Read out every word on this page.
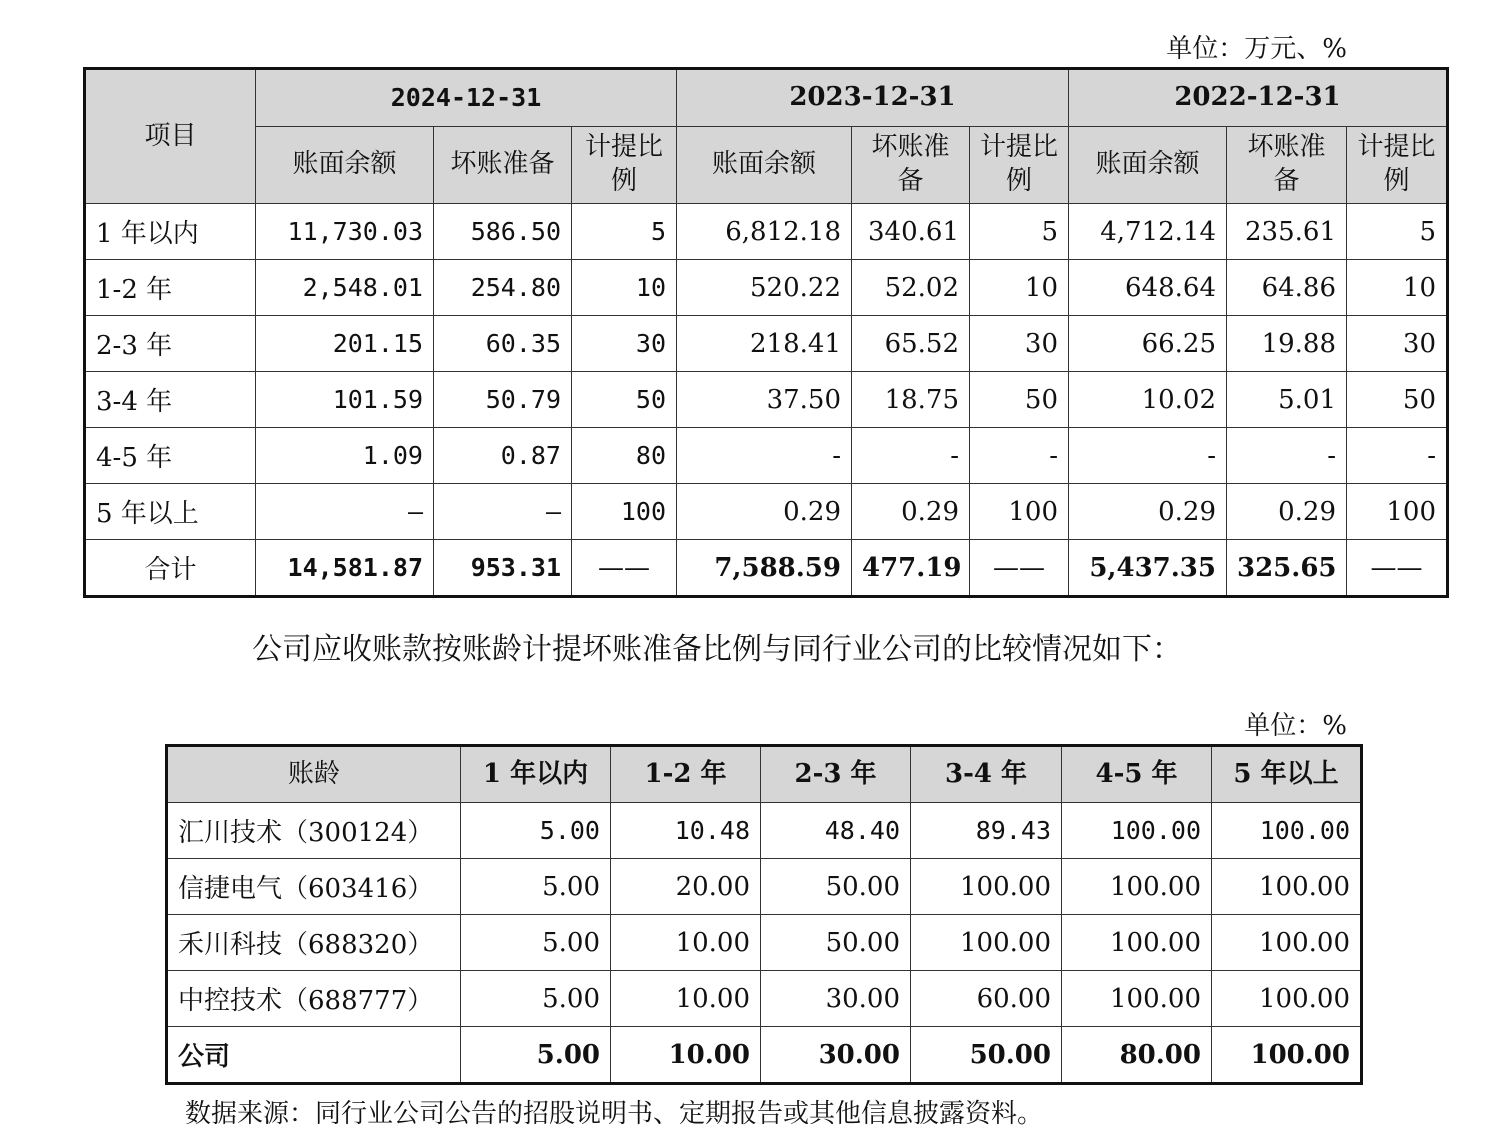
单位：万元、%
项目	2024-12-31			2023-12-31			2022-12-31		
	账面余额	坏账准备	计提比例	账面余额	坏账准备	计提比例	账面余额	坏账准备	计提比例
1 年以内	11,730.03	586.50	5	6,812.18	340.61	5	4,712.14	235.61	5
1-2 年	2,548.01	254.80	10	520.22	52.02	10	648.64	64.86	10
2-3 年	201.15	60.35	30	218.41	65.52	30	66.25	19.88	30
3-4 年	101.59	50.79	50	37.50	18.75	50	10.02	5.01	50
4-5 年	1.09	0.87	80	-	-	-	-	-	-
5 年以上	–	–	100	0.29	0.29	100	0.29	0.29	100
合计	14,581.87	953.31	——	7,588.59	477.19	——	5,437.35	325.65	——
公司应收账款按账龄计提坏账准备比例与同行业公司的比较情况如下：
单位：%
账龄	1 年以内	1-2 年	2-3 年	3-4 年	4-5 年	5 年以上
汇川技术（300124）	5.00	10.48	48.40	89.43	100.00	100.00
信捷电气（603416）	5.00	20.00	50.00	100.00	100.00	100.00
禾川科技（688320）	5.00	10.00	50.00	100.00	100.00	100.00
中控技术（688777）	5.00	10.00	30.00	60.00	100.00	100.00
公司	5.00	10.00	30.00	50.00	80.00	100.00
数据来源：同行业公司公告的招股说明书、定期报告或其他信息披露资料。
